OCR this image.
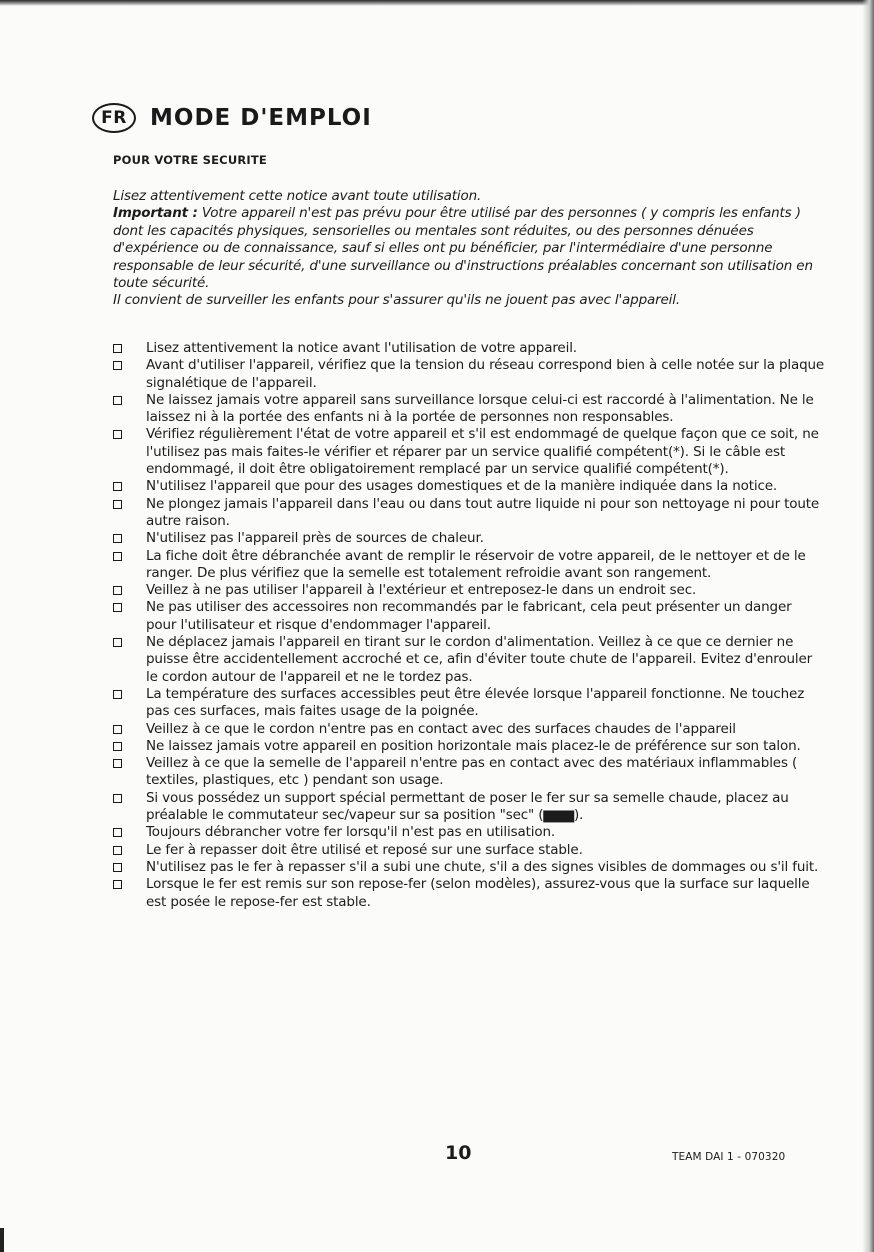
FR	MODE D'EMPLOI
POUR VOTRE SECURITE

Lisez attentivement cette notice avant toute utilisation.

Important : Votre appareil n'est pas prévu pour être utilisé par des personnes ( y compris les enfants ) dont les capacités physiques, sensorielles ou mentales sont réduites, ou des personnes dénuées d'expérience ou de connaissance, sauf si elles ont pu bénéficier, par l'intermédiaire d'une personne responsable de leur sécurité, d'une surveillance ou d'instructions préalables concernant son utilisation en toute sécurité.

Il convient de surveiller les enfants pour s'assurer qu'ils ne jouent pas avec l'appareil.

Lisez attentivement la notice avant l'utilisation de votre appareil.
Avant d'utiliser l'appareil, vérifiez que la tension du réseau correspond bien à celle notée sur la plaque signalétique de l'appareil.
Ne laissez jamais votre appareil sans surveillance lorsque celui-ci est raccordé à l'alimentation. Ne le laissez ni à la portée des enfants ni à la portée de personnes non responsables.
Vérifiez régulièrement l'état de votre appareil et s'il est endommagé de quelque façon que ce soit, ne l'utilisez pas mais faites-le vérifier et réparer par un service qualifié compétent(*). Si le câble est endommagé, il doit être obligatoirement remplacé par un service qualifié compétent(*).
N'utilisez l'appareil que pour des usages domestiques et de la manière indiquée dans la notice.
Ne plongez jamais l'appareil dans l'eau ou dans tout autre liquide ni pour son nettoyage ni pour toute autre raison.
N'utilisez pas l'appareil près de sources de chaleur.
La fiche doit être débranchée avant de remplir le réservoir de votre appareil, de le nettoyer et de le ranger. De plus vérifiez que la semelle est totalement refroidie avant son rangement.
Veillez à ne pas utiliser l'appareil à l'extérieur et entreposez-le dans un endroit sec.
Ne pas utiliser des accessoires non recommandés par le fabricant, cela peut présenter un danger pour l'utilisateur et risque d'endommager l'appareil.
Ne déplacez jamais l'appareil en tirant sur le cordon d'alimentation. Veillez à ce que ce dernier ne puisse être accidentellement accroché et ce, afin d'éviter toute chute de l'appareil. Evitez d'enrouler le cordon autour de l'appareil et ne le tordez pas.
La température des surfaces accessibles peut être élevée lorsque l'appareil fonctionne. Ne touchez pas ces surfaces, mais faites usage de la poignée.
Veillez à ce que le cordon n'entre pas en contact avec des surfaces chaudes de l'appareil
Ne laissez jamais votre appareil en position horizontale mais placez-le de préférence sur son talon.
Veillez à ce que la semelle de l'appareil n'entre pas en contact avec des matériaux inflammables ( textiles, plastiques, etc ) pendant son usage.
Si vous possédez un support spécial permettant de poser le fer sur sa semelle chaude, placez au préalable le commutateur sec/vapeur sur sa position "sec" (▆▆▆).
Toujours débrancher votre fer lorsqu'il n'est pas en utilisation.
Le fer à repasser doit être utilisé et reposé sur une surface stable.
N'utilisez pas le fer à repasser s'il a subi une chute, s'il a des signes visibles de dommages ou s'il fuit.
Lorsque le fer est remis sur son repose-fer (selon modèles), assurez-vous que la surface sur laquelle est posée le repose-fer est stable.
10	TEAM DAI 1 - 070320
